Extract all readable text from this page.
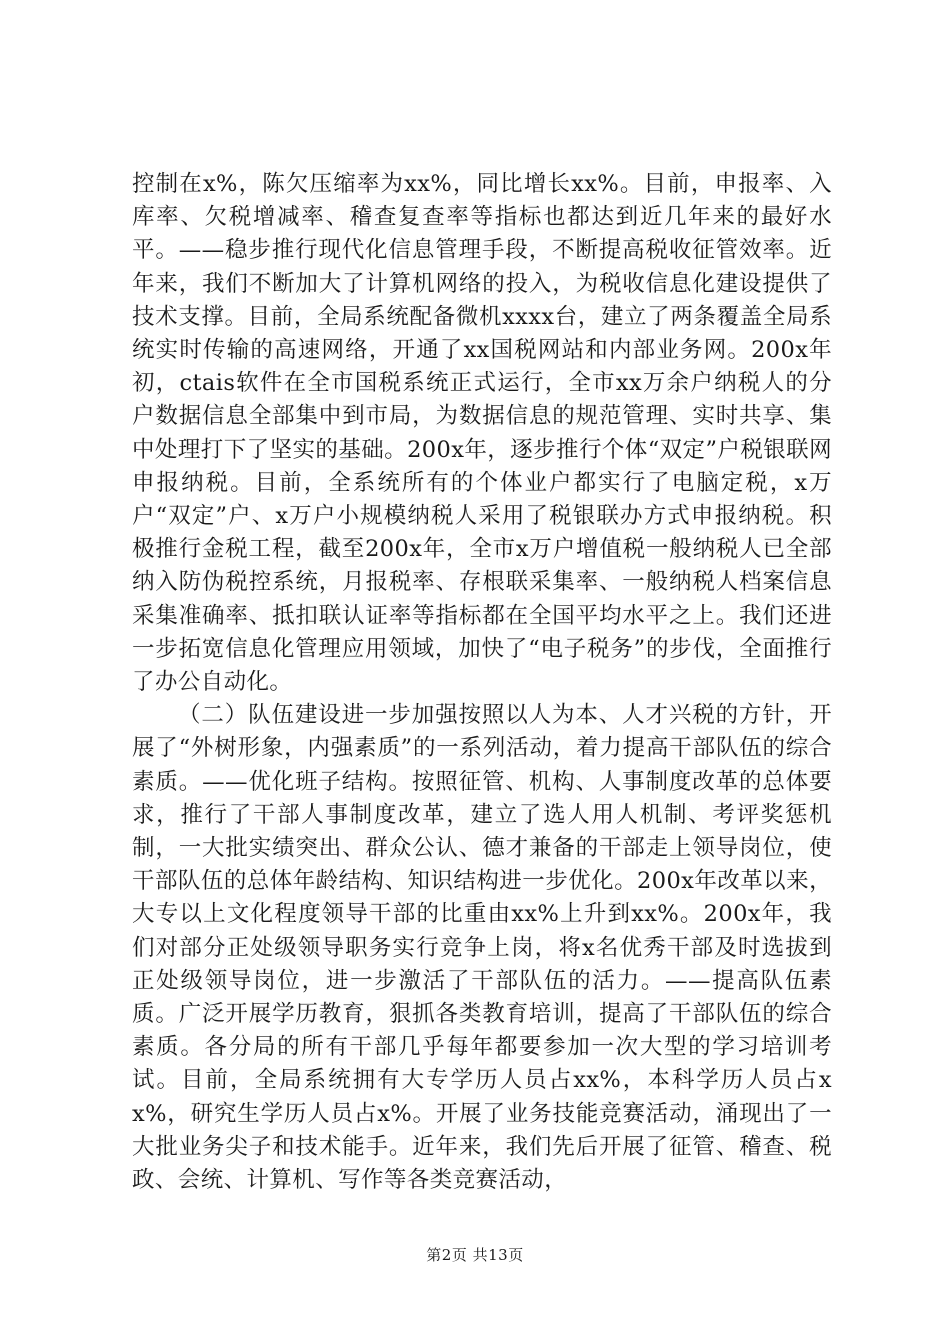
控制在x%，陈欠压缩率为xx%，同比增长xx%。目前，申报率、入库率、欠税增减率、稽查复查率等指标也都达到近几年来的最好水平。——稳步推行现代化信息管理手段，不断提高税收征管效率。近年来，我们不断加大了计算机网络的投入，为税收信息化建设提供了技术支撑。目前，全局系统配备微机xxxx台，建立了两条覆盖全局系统实时传输的高速网络，开通了xx国税网站和内部业务网。200x年初，ctais软件在全市国税系统正式运行，全市xx万余户纳税人的分户数据信息全部集中到市局，为数据信息的规范管理、实时共享、集中处理打下了坚实的基础。200x年，逐步推行个体“双定”户税银联网申报纳税。目前，全系统所有的个体业户都实行了电脑定税，x万户“双定”户、x万户小规模纳税人采用了税银联办方式申报纳税。积极推行金税工程，截至200x年，全市x万户增值税一般纳税人已全部纳入防伪税控系统，月报税率、存根联采集率、一般纳税人档案信息采集准确率、抵扣联认证率等指标都在全国平均水平之上。我们还进一步拓宽信息化管理应用领域，加快了“电子税务”的步伐，全面推行了办公自动化。

（二）队伍建设进一步加强按照以人为本、人才兴税的方针，开展了“外树形象，内强素质”的一系列活动，着力提高干部队伍的综合素质。——优化班子结构。按照征管、机构、人事制度改革的总体要求，推行了干部人事制度改革，建立了选人用人机制、考评奖惩机制，一大批实绩突出、群众公认、德才兼备的干部走上领导岗位，使干部队伍的总体年龄结构、知识结构进一步优化。200x年改革以来，大专以上文化程度领导干部的比重由xx%上升到xx%。200x年，我们对部分正处级领导职务实行竞争上岗，将x名优秀干部及时选拔到正处级领导岗位，进一步激活了干部队伍的活力。——提高队伍素质。广泛开展学历教育，狠抓各类教育培训，提高了干部队伍的综合素质。各分局的所有干部几乎每年都要参加一次大型的学习培训考试。目前，全局系统拥有大专学历人员占xx%，本科学历人员占xx%，研究生学历人员占x%。开展了业务技能竞赛活动，涌现出了一大批业务尖子和技术能手。近年来，我们先后开展了征管、稽查、税政、会统、计算机、写作等各类竞赛活动，

第2页 共13页
